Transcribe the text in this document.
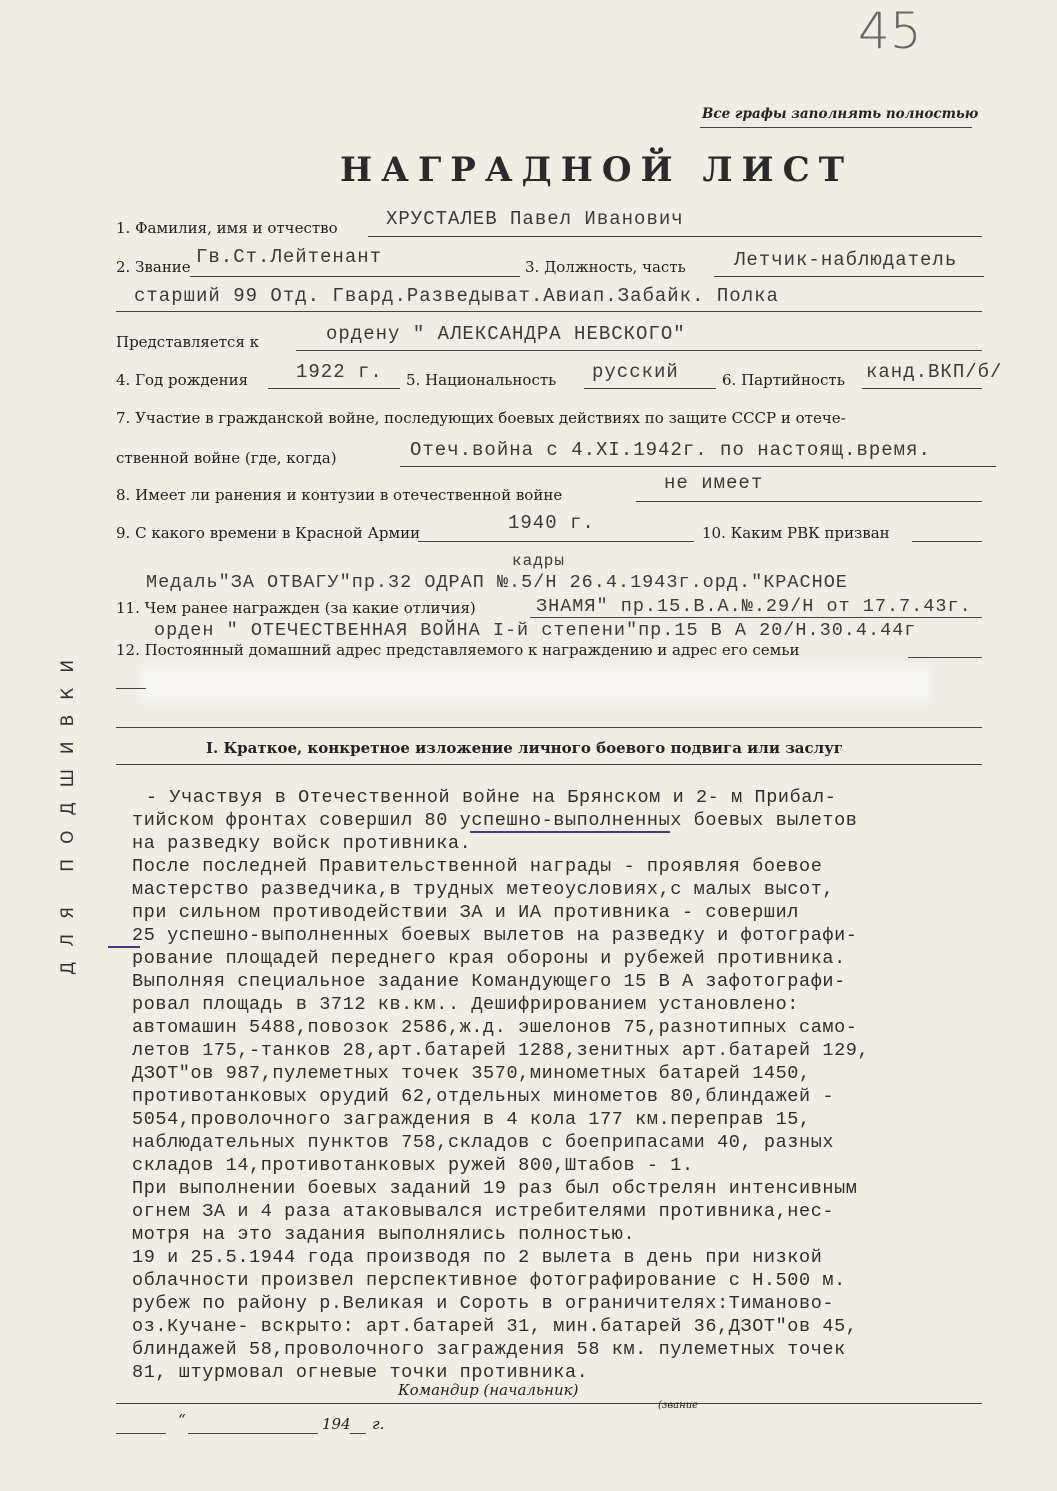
45
Все графы заполнять полностью
НАГРАДНОЙ ЛИСТ
1. Фамилия, имя и отчество	ХРУСТАЛЕВ Павел Иванович
2. Звание Гв.Ст.Лейтенант	3. Должность, часть	Летчик-наблюдатель
старший 99 Отд. Гвард.Разведыват.Авиап.Забайк. Полка
Представляется к	ордену " АЛЕКСАНДРА НЕВСКОГО"
4. Год рождения	1922 г. 5. Национальность русский	6. Партийность канд.ВКП/б/
7. Участие в гражданской войне, последующих боевых действиях по защите СССР и отече-
ственной войне (где, когда)	Отеч.война с 4.XI.1942г. по настоящ.время.
8. Имеет ли ранения и контузии в отечественной войне
не имеет
9. С какого времени в Красной Армии	1940 г.	10. Каким РВК призван
кадры
Медаль"ЗА ОТВАГУ"пр.32 ОДРАП №.5/Н 26.4.1943г.орд."КРАСНОЕ
11. Чем ранее награжден (за какие отличия)	ЗНАМЯ" пр.15.В.А.№.29/Н от 17.7.43г.
орден " ОТЕЧЕСТВЕННАЯ ВОЙНА I-й степени"пр.15 В А 20/Н.30.4.44г
12. Постоянный домашний адрес представляемого к награждению и адрес его семьи
I. Краткое, конкретное изложение личного боевого подвига или заслуг
ДЛЯ ПОДШИВКИ	- Участвуя в Отечественной войне на Брянском и 2- м Прибал-
тийском фронтах совершил 80 успешно-выполненных боевых вылетов
на разведку войск противника.
После последней Правительственной награды - проявляя боевое
мастерство разведчика,в трудных метеоусловиях,с малых высот,
при сильном противодействии ЗА и ИА противника - совершил
25 успешно-выполненных боевых вылетов на разведку и фотографи-
рование площадей переднего края обороны и рубежей противника.
Выполняя специальное задание Командующего 15 В А зафотографи-
ровал площадь в 3712 кв.км.. Дешифрированием установлено:
автомашин 5488,повозок 2586,ж.д. эшелонов 75,разнотипных само-
летов 175,-танков 28,арт.батарей 1288,зенитных арт.батарей 129,
ДЗОТ"ов 987,пулеметных точек 3570,минометных батарей 1450,
противотанковых орудий 62,отдельных минометов 80,блиндажей -
5054,проволочного заграждения в 4 кола 177 км.переправ 15,
наблюдательных пунктов 758,складов с боеприпасами 40, разных
складов 14,противотанковых ружей 800,Штабов - 1.
При выполнении боевых заданий 19 раз был обстрелян интенсивным
огнем ЗА и 4 раза атаковывался истребителями противника,нес-
мотря на это задания выполнялись полностью.
19 и 25.5.1944 года производя по 2 вылета в день при низкой
облачности произвел перспективное фотографирование с Н.500 м.
рубеж по району р.Великая и Сороть в ограничителях:Тимановo-
оз.Кучане- вскрыто: арт.батарей 31, мин.батарей 36,ДЗОТ"ов 45,
блиндажей 58,проволочного заграждения 58 км. пулеметных точек
81, штурмовал огневые точки противника.
Командир (начальник)
(звание
“	194 г.
